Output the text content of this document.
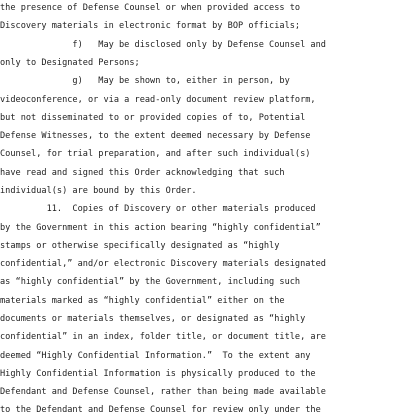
the presence of Defense Counsel or when provided access to
Discovery materials in electronic format by BOP officials;
f)   May be disclosed only by Defense Counsel and
only to Designated Persons;
g)   May be shown to, either in person, by
videoconference, or via a read-only document review platform,
but not disseminated to or provided copies of to, Potential
Defense Witnesses, to the extent deemed necessary by Defense
Counsel, for trial preparation, and after such individual(s)
have read and signed this Order acknowledging that such
individual(s) are bound by this Order.
11.  Copies of Discovery or other materials produced
by the Government in this action bearing “highly confidential”
stamps or otherwise specifically designated as “highly
confidential,” and/or electronic Discovery materials designated
as “highly confidential” by the Government, including such
materials marked as “highly confidential” either on the
documents or materials themselves, or designated as “highly
confidential” in an index, folder title, or document title, are
deemed “Highly Confidential Information.”  To the extent any
Highly Confidential Information is physically produced to the
Defendant and Defense Counsel, rather than being made available
to the Defendant and Defense Counsel for review only under the
